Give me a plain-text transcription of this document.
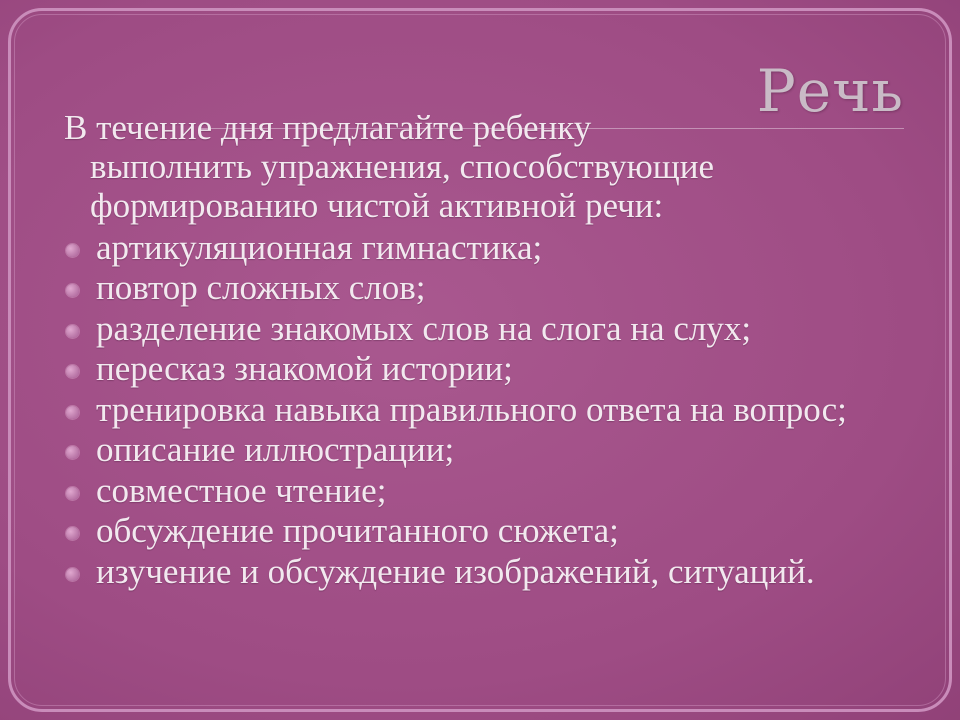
Речь

В течение дня предлагайте ребенку
выполнить упражнения, способствующие
формированию чистой активной речи:

артикуляционная гимнастика;
повтор сложных слов;
разделение знакомых слов на слога на слух;
пересказ знакомой истории;
тренировка навыка правильного ответа на вопрос;
описание иллюстрации;
совместное чтение;
обсуждение прочитанного сюжета;
изучение и обсуждение изображений, ситуаций.
